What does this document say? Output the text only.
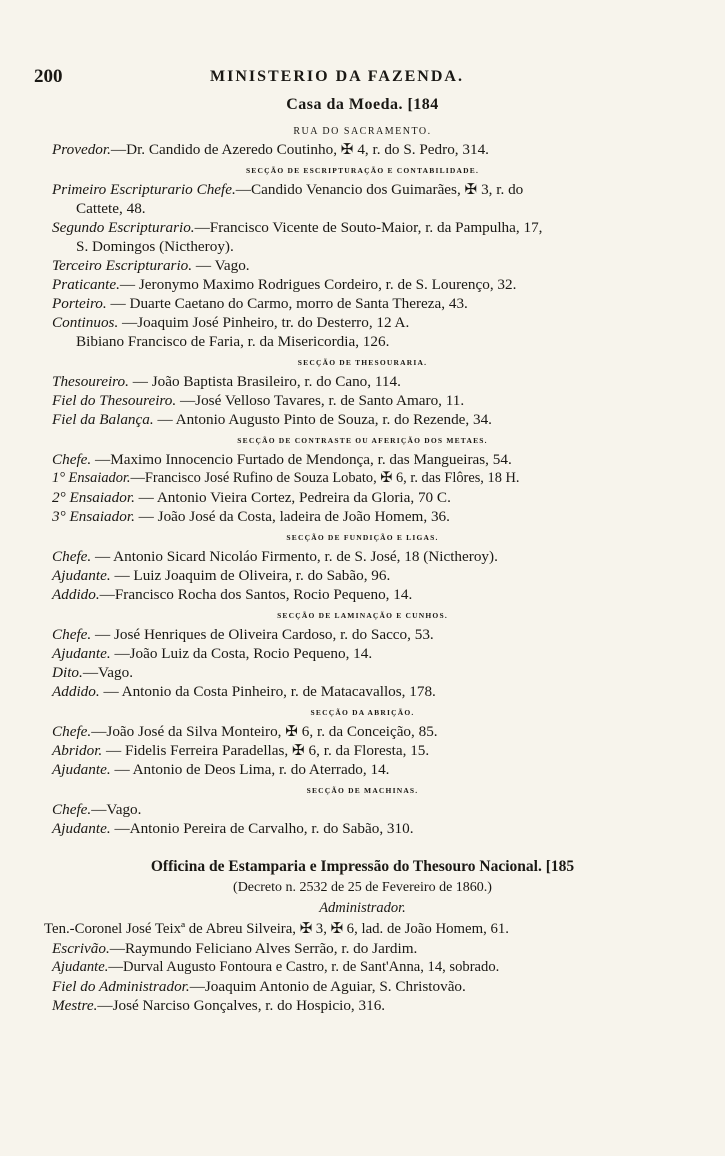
200	MINISTERIO DA FAZENDA.
Casa da Moeda. [184
RUA DO SACRAMENTO.
Provedor.—Dr. Candido de Azeredo Coutinho, ✠ 4, r. do S. Pedro, 314.
SECÇÃO DE ESCRIPTURAÇÃO E CONTABILIDADE.
Primeiro Escripturario Chefe.—Candido Venancio dos Guimarães, ✠ 3, r. do
Cattete, 48.
Segundo Escripturario.—Francisco Vicente de Souto-Maior, r. da Pampulha, 17,
S. Domingos (Nictheroy).
Terceiro Escripturario. — Vago.
Praticante.— Jeronymo Maximo Rodrigues Cordeiro, r. de S. Lourenço, 32.
Porteiro. — Duarte Caetano do Carmo, morro de Santa Thereza, 43.
Continuos. —Joaquim José Pinheiro, tr. do Desterro, 12 A.
Bibiano Francisco de Faria, r. da Misericordia, 126.
SECÇÃO DE THESOURARIA.
Thesoureiro. — João Baptista Brasileiro, r. do Cano, 114.
Fiel do Thesoureiro. —José Velloso Tavares, r. de Santo Amaro, 11.
Fiel da Balança. — Antonio Augusto Pinto de Souza, r. do Rezende, 34.
SECÇÃO DE CONTRASTE OU AFERIÇÃO DOS METAES.
Chefe. —Maximo Innocencio Furtado de Mendonça, r. das Mangueiras, 54.
1° Ensaiador.—Francisco José Rufino de Souza Lobato, ✠ 6, r. das Flôres, 18 H.
2° Ensaiador. — Antonio Vieira Cortez, Pedreira da Gloria, 70 C.
3° Ensaiador. — João José da Costa, ladeira de João Homem, 36.
SECÇÃO DE FUNDIÇÃO E LIGAS.
Chefe. — Antonio Sicard Nicoláo Firmento, r. de S. José, 18 (Nictheroy).
Ajudante. — Luiz Joaquim de Oliveira, r. do Sabão, 96.
Addido.—Francisco Rocha dos Santos, Rocio Pequeno, 14.
SECÇÃO DE LAMINAÇÃO E CUNHOS.
Chefe. — José Henriques de Oliveira Cardoso, r. do Sacco, 53.
Ajudante. —João Luiz da Costa, Rocio Pequeno, 14.
Dito.—Vago.
Addido. — Antonio da Costa Pinheiro, r. de Matacavallos, 178.
SECÇÃO DA ABRIÇÃO.
Chefe.—João José da Silva Monteiro, ✠ 6, r. da Conceição, 85.
Abridor. — Fidelis Ferreira Paradellas, ✠ 6, r. da Floresta, 15.
Ajudante. — Antonio de Deos Lima, r. do Aterrado, 14.
SECÇÃO DE MACHINAS.
Chefe.—Vago.
Ajudante. —Antonio Pereira de Carvalho, r. do Sabão, 310.
Officina de Estamparia e Impressão do Thesouro Nacional. [185
(Decreto n. 2532 de 25 de Fevereiro de 1860.)
Administrador.
Ten.-Coronel José Teixª de Abreu Silveira, ✠ 3, ✠ 6, lad. de João Homem, 61.
Escrivão.—Raymundo Feliciano Alves Serrão, r. do Jardim.
Ajudante.—Durval Augusto Fontoura e Castro, r. de Sant'Anna, 14, sobrado.
Fiel do Administrador.—Joaquim Antonio de Aguiar, S. Christovão.
Mestre.—José Narciso Gonçalves, r. do Hospicio, 316.
